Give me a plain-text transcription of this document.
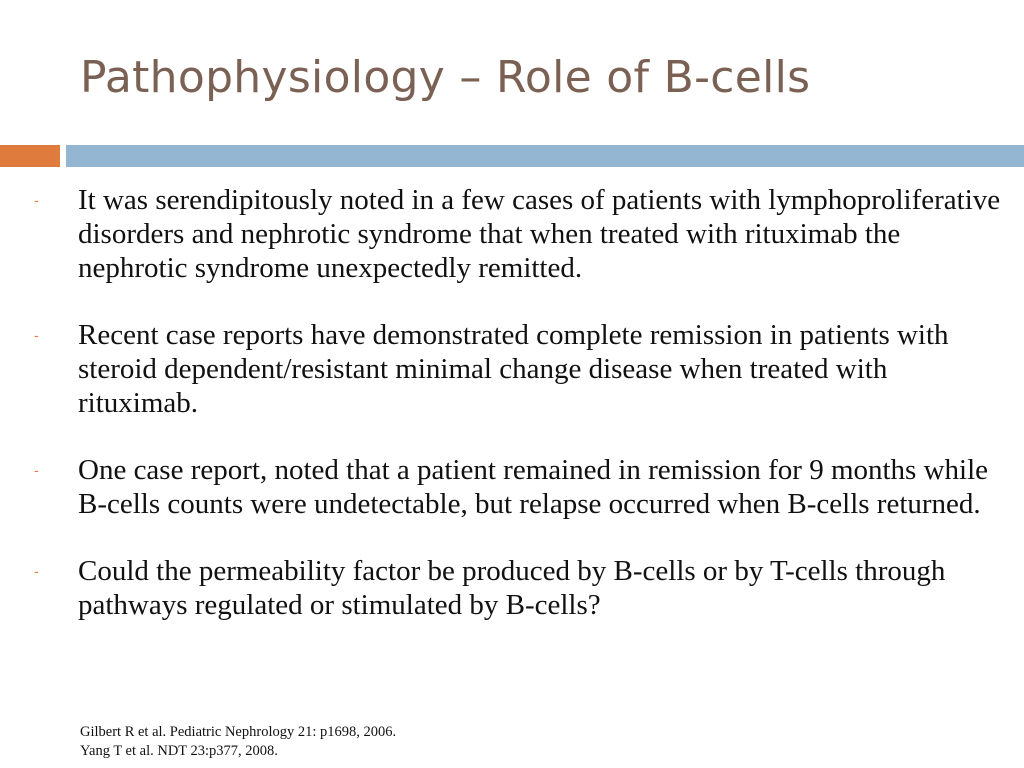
Pathophysiology – Role of B-cells
-	It was serendipitously noted in a few cases of patients with lymphoproliferative disorders and nephrotic syndrome that when treated with rituximab the nephrotic syndrome unexpectedly remitted.
-	Recent case reports have demonstrated complete remission in patients with steroid dependent/resistant minimal change disease when treated with rituximab.
-	One case report, noted that a patient remained in remission for 9 months while B-cells counts were undetectable, but relapse occurred when B-cells returned.
-	Could the permeability factor be produced by B-cells or by T-cells through pathways regulated or stimulated by B-cells?
Gilbert R et al. Pediatric Nephrology 21: p1698, 2006.
Yang T et al. NDT 23:p377, 2008.
